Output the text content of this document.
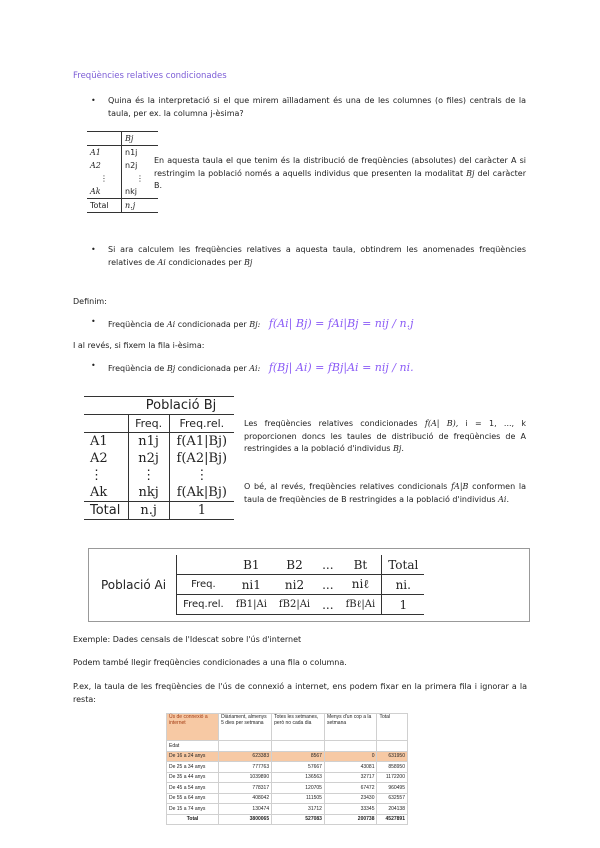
Freqüències relatives condicionades
• Quina és la interpretació si el que mirem aïlladament és una de les columnes (o files) centrals de la taula, per ex. la columna j-èsima?
	Bj
A1	n1j
A2	n2j
⋮	⋮
Ak	nkj
Total	n.j
En aquesta taula el que tenim és la distribució de freqüències (absolutes) del caràcter A si restringim la població només a aquells individus que presenten la modalitat Bj del caràcter B.
• Si ara calculem les freqüències relatives a aquesta taula, obtindrem les anomenades freqüències relatives de Ai condicionades per Bj
Definim:
• Freqüència de Ai condicionada per Bj: f(Ai| Bj) = fAi|Bj = nij / n.j
I al revés, si fixem la fila i-èsima:
• Freqüència de Bj condicionada per Ai: f(Bj| Ai) = fBj|Ai = nij / ni.
	Població Bj	
	Freq.	Freq.rel.
A1	n1j	f(A1|Bj)
A2	n2j	f(A2|Bj)
⋮	⋮	⋮
Ak	nkj	f(Ak|Bj)
Total	n.j	1
Les freqüències relatives condicionades f(A| B), i = 1, ..., k proporcionen doncs les taules de distribució de freqüències de A restringides a la població d'individus Bj.
O bé, al revés, freqüències relatives condicionals fA|B conformen la taula de freqüències de B restringides a la població d'individus Ai.
Població Ai		B1	B2	...	Bt	Total
	Freq.	ni1	ni2	...	niℓ	ni.
	Freq.rel.	fB1|Ai	fB2|Ai	...	fBℓ|Ai	1
Exemple: Dades censals de l'Idescat sobre l'ús d'internet
Podem també llegir freqüències condicionades a una fila o columna.
P.ex, la taula de les freqüències de l'ús de connexió a internet, ens podem fixar en la primera fila i ignorar a la resta:
Ús de connexió a internet	Diàriament, almenys 5 dies per setmana	Totes les setmanes, però no cada dia	Menys d'un cop a la setmana	Total
Edat				
De 16 a 24 anys	623383	8567	0	631950
De 25 a 34 anys	777763	57667	43081	858950
De 35 a 44 anys	1039890	136563	32717	1172200
De 45 a 54 anys	778317	120705	67472	960495
De 55 a 64 anys	408042	111505	23430	632557
De 15 a 74 anys	130474	31712	33345	204138
Total	3800065	527083	200738	4527891
